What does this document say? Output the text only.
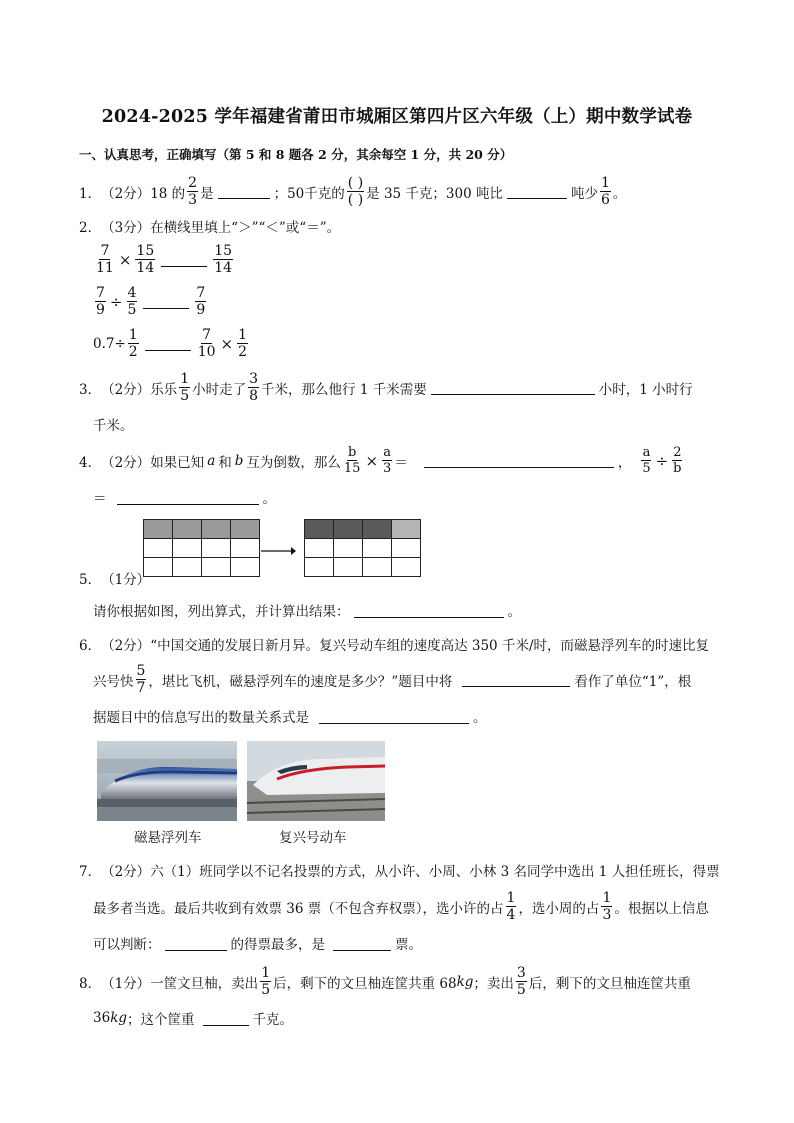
2024-2025 学年福建省莆田市城厢区第四片区六年级（上）期中数学试卷
一、认真思考，正确填写（第 5 和 8 题各 2 分，其余每空 1 分，共 20 分）
1． （2分） 18 的 $\frac{2}{3}$ 是	；50千克的 $\frac{( )}{( )}$ 是 35 千克；300 吨比	吨少 $\frac{1}{6}$ 。
2． （3分） 在横线里填上“＞”“＜”或“＝”。
$\frac{7}{11} \times \frac{15}{14}$	$\frac{15}{14}$
$\frac{7}{9} \div \frac{4}{5}$	$\frac{7}{9}$
$0.7\div \frac{1}{2}$	$\frac{7}{10} \times \frac{1}{2}$
3． （2分） 乐乐 $\frac{1}{5}$ 小时走了 $\frac{3}{8}$ 千米，那么他行 1 千米需要	小时，1 小时行
千米。
4． （2分） 如果已知 a 和 b 互为倒数，那么 $\frac{b}{15} \times \frac{a}{3}$ ＝	， $\frac{a}{5} \div \frac{2}{b}$
＝	。

5． （1分）
请你根据如图，列出算式，并计算出结果：	。
6． （2分） “中国交通的发展日新月异。复兴号动车组的速度高达 350 千米/时，而磁悬浮列车的时速比复
兴号快 $\frac{5}{7}$ ，堪比飞机，磁悬浮列车的速度是多少？”题目中将	看作了单位“1”，根
据题目中的信息写出的数量关系式是	。
磁悬浮列车	复兴号动车
7． （2分） 六（1）班同学以不记名投票的方式，从小许、小周、小林 3 名同学中选出 1 人担任班长，得票
最多者当选。最后共收到有效票 36 票（不包含弃权票），选小许的占 $\frac{1}{4}$ ，选小周的占 $\frac{1}{3}$ 。根据以上信息
可以判断：	的得票最多，是	票。
8． （1分） 一筐文旦柚，卖出 $\frac{1}{5}$ 后，剩下的文旦柚连筐共重 68 kg ；卖出 $\frac{3}{5}$ 后，剩下的文旦柚连筐共重
36 kg ；这个筐重	千克。
